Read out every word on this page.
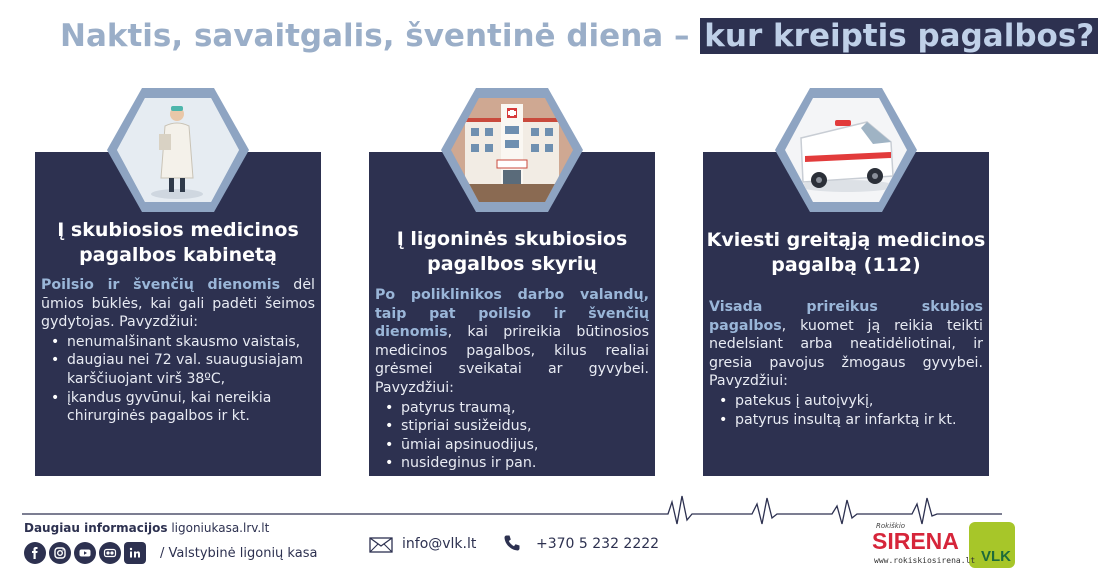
Naktis, savaitgalis, šventinė diena – kur kreiptis pagalbos?
Į skubiosios medicinos pagalbos kabinetą
Poilsio ir švenčių dienomis dėl ūmios būklės, kai gali padėti šeimos gydytojas. Pavyzdžiui:
• nenumalšinant skausmo vaistais,
• daugiau nei 72 val. suaugusiajam karščiuojant virš 38ºC,
• įkandus gyvūnui, kai nereikia chirurginės pagalbos ir kt.
Į ligoninės skubiosios pagalbos skyrių
Po poliklinikos darbo valandų, taip pat poilsio ir švenčių dienomis, kai prireikia būtinosios medicinos pagalbos, kilus realiai grėsmei sveikatai ar gyvybei. Pavyzdžiui:
• patyrus traumą,
• stipriai susižeidus,
• ūmiai apsinuodijus,
• nusideginus ir pan.
Kviesti greitąją medicinos pagalbą (112)
Visada prireikus skubios pagalbos, kuomet ją reikia teikti nedelsiant arba neatidėliotinai, ir gresia pavojus žmogaus gyvybei. Pavyzdžiui:
• patekus į autoįvykį,
• patyrus insultą ar infarktą ir kt.
Daugiau informacijos ligoniukasa.lrv.lt
/ Valstybinė ligonių kasa
info@vlk.lt	+370 5 232 2222
VLK
Rokiškio
SIRENA
www.rokiskiosirena.lt
